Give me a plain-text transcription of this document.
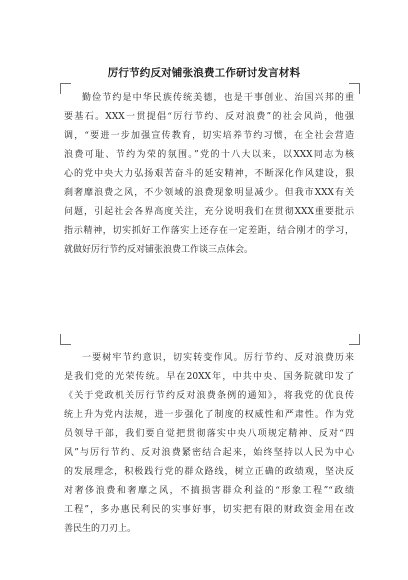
厉行节约反对铺张浪费工作研讨发言材料
勤俭节约是中华民族传统美德，也是干事创业、治国兴邦的重
要基石。XXX一贯提倡“厉行节约、反对浪费”的社会风尚，他强
调，“要进一步加强宣传教育，切实培养节约习惯，在全社会营造
浪费可耻、节约为荣的氛围。”党的十八大以来，以XXX同志为核
心的党中央大力弘扬艰苦奋斗的延安精神，不断深化作风建设，狠
刹奢靡浪费之风，不少领域的浪费现象明显减少。但我市XXX有关
问题，引起社会各界高度关注，充分说明我们在贯彻XXX重要批示
指示精神，切实抓好工作落实上还存在一定差距，结合刚才的学习，
就做好厉行节约反对铺张浪费工作谈三点体会。
一要树牢节约意识，切实转变作风。厉行节约、反对浪费历来
是我们党的光荣传统。早在20XX年，中共中央、国务院就印发了
《关于党政机关厉行节约反对浪费条例的通知》，将我党的优良传
统上升为党内法规，进一步强化了制度的权威性和严肃性。作为党
员领导干部，我们要自觉把贯彻落实中央八项规定精神、反对“四
风”与厉行节约、反对浪费紧密结合起来，始终坚持以人民为中心
的发展理念，积极践行党的群众路线，树立正确的政绩观，坚决反
对奢侈浪费和奢靡之风，不搞损害群众利益的“形象工程”“政绩
工程”，多办惠民利民的实事好事，切实把有限的财政资金用在改
善民生的刀刃上。
